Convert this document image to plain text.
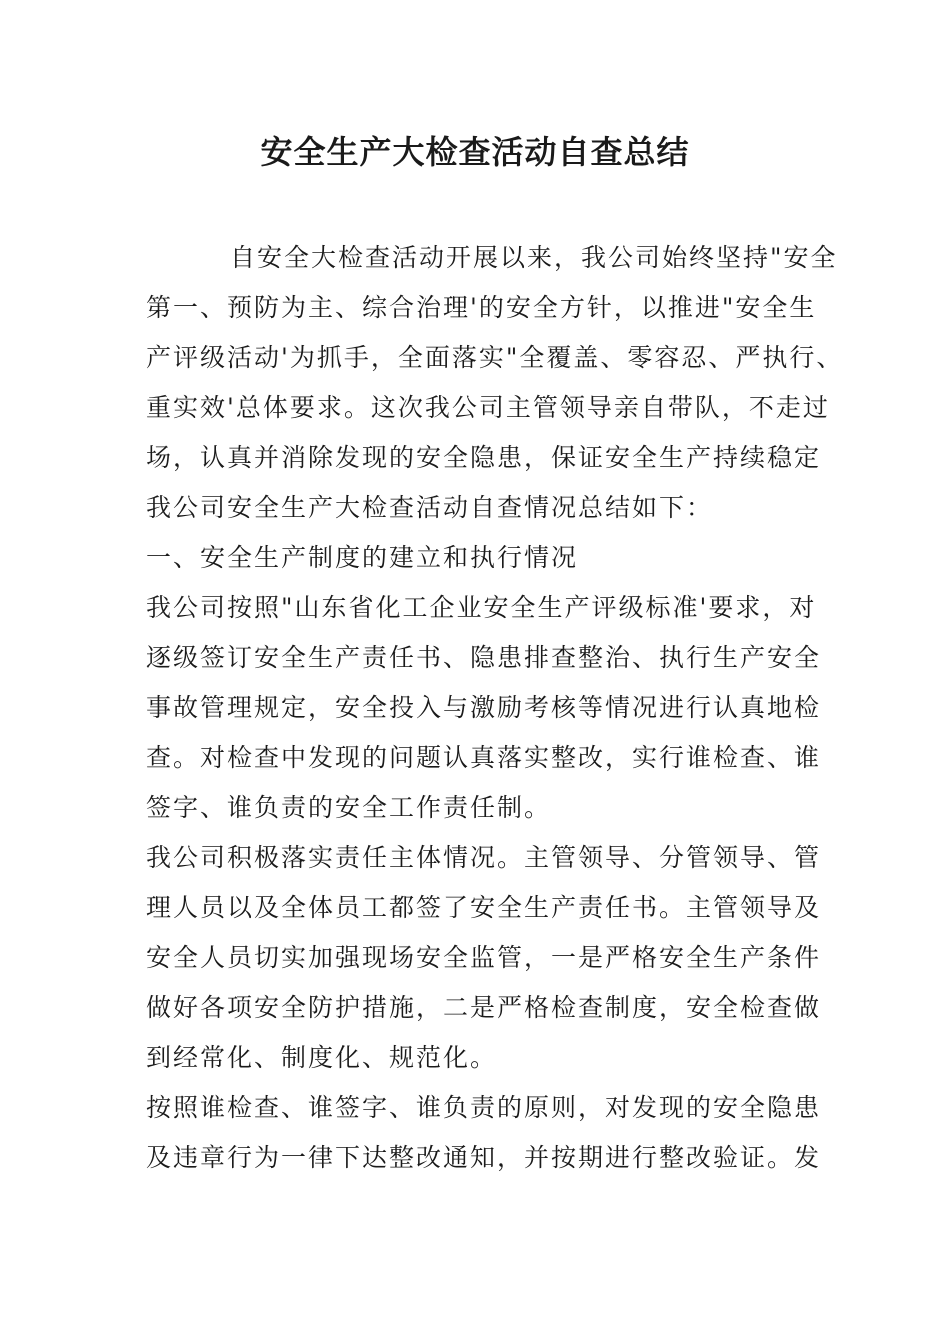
安全生产大检查活动自查总结
自安全大检查活动开展以来，我公司始终坚持"安全
第一、预防为主、综合治理'的安全方针，以推进"安全生
产评级活动'为抓手，全面落实"全覆盖、零容忍、严执行、
重实效'总体要求。这次我公司主管领导亲自带队，不走过
场，认真并消除发现的安全隐患，保证安全生产持续稳定
我公司安全生产大检查活动自查情况总结如下：
一、安全生产制度的建立和执行情况
我公司按照"山东省化工企业安全生产评级标准'要求，对
逐级签订安全生产责任书、隐患排查整治、执行生产安全
事故管理规定，安全投入与激励考核等情况进行认真地检
查。对检查中发现的问题认真落实整改，实行谁检查、谁
签字、谁负责的安全工作责任制。
我公司积极落实责任主体情况。主管领导、分管领导、管
理人员以及全体员工都签了安全生产责任书。主管领导及
安全人员切实加强现场安全监管，一是严格安全生产条件
做好各项安全防护措施，二是严格检查制度，安全检查做
到经常化、制度化、规范化。
按照谁检查、谁签字、谁负责的原则，对发现的安全隐患
及违章行为一律下达整改通知，并按期进行整改验证。发
